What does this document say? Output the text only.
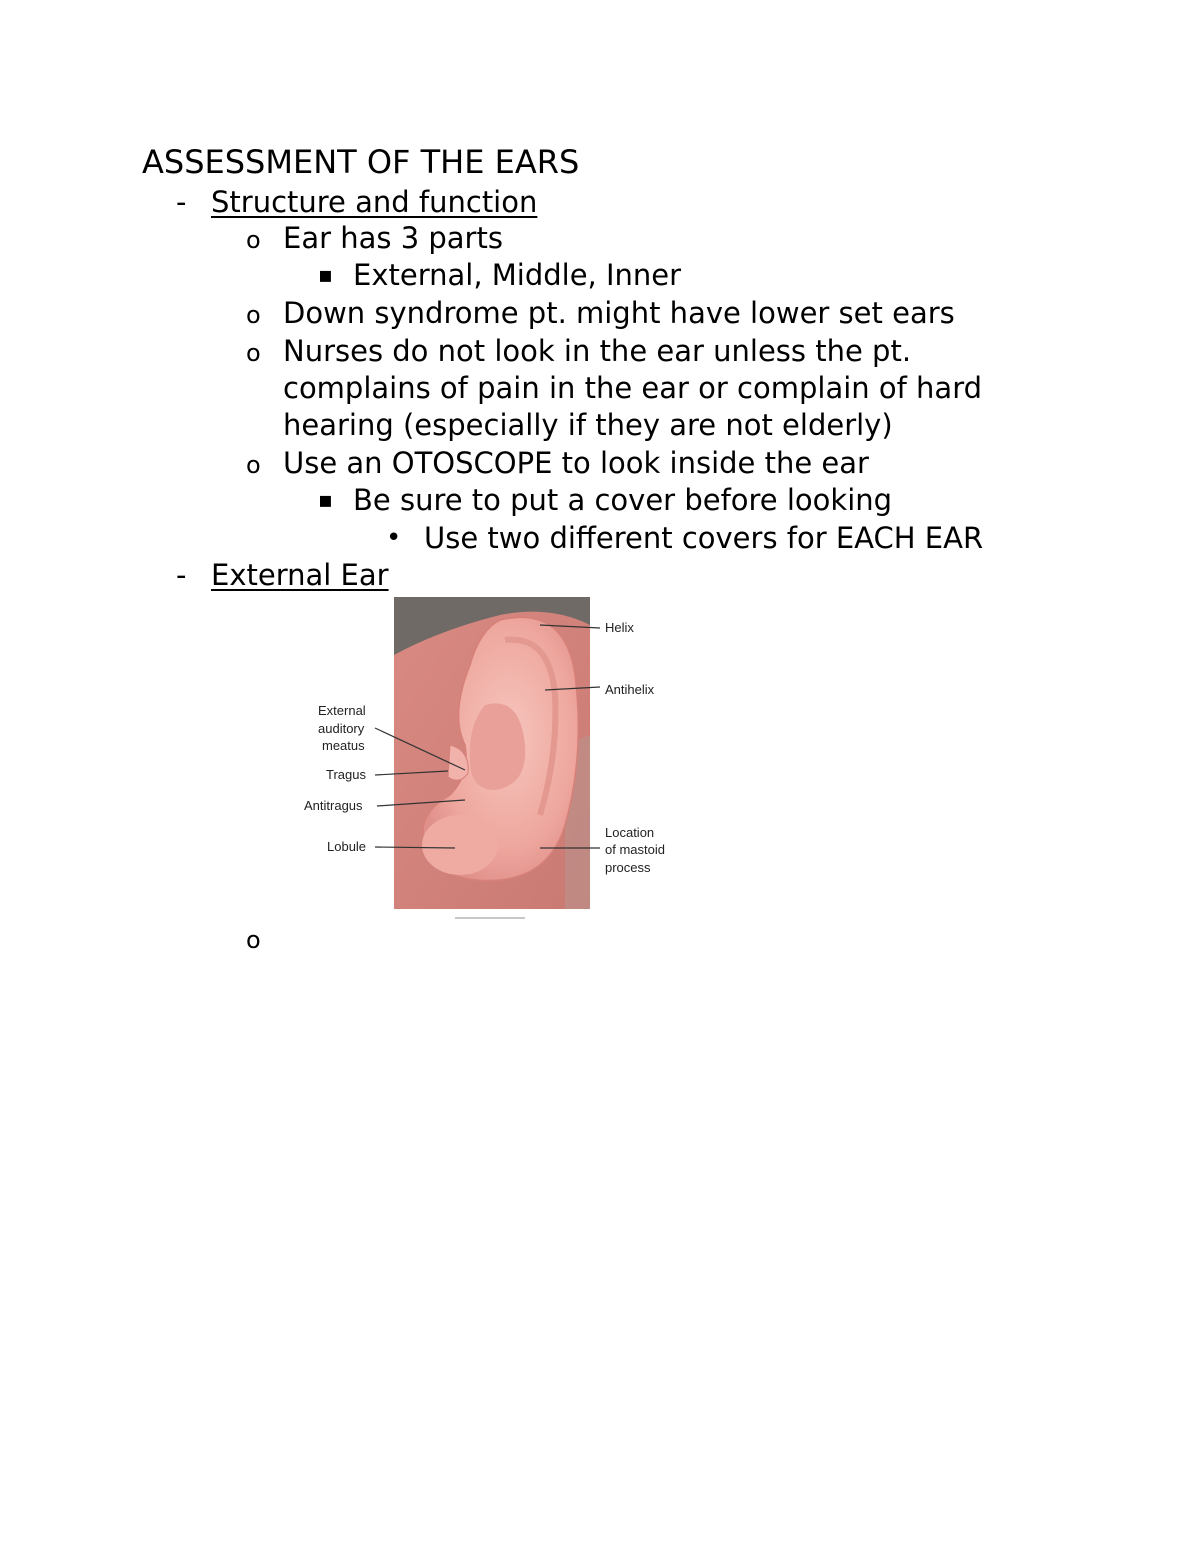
ASSESSMENT OF THE EARS
- Structure and function
o Ear has 3 parts
▪ External, Middle, Inner
o Down syndrome pt. might have lower set ears
o Nurses do not look in the ear unless the pt.
complains of pain in the ear or complain of hard
hearing (especially if they are not elderly)
o Use an OTOSCOPE to look inside the ear
▪ Be sure to put a cover before looking
• Use two different covers for EACH EAR
- External Ear
Helix
Antihelix
External
auditory
meatus
Tragus
Antitragus
Lobule
Location
of mastoid
process
o
